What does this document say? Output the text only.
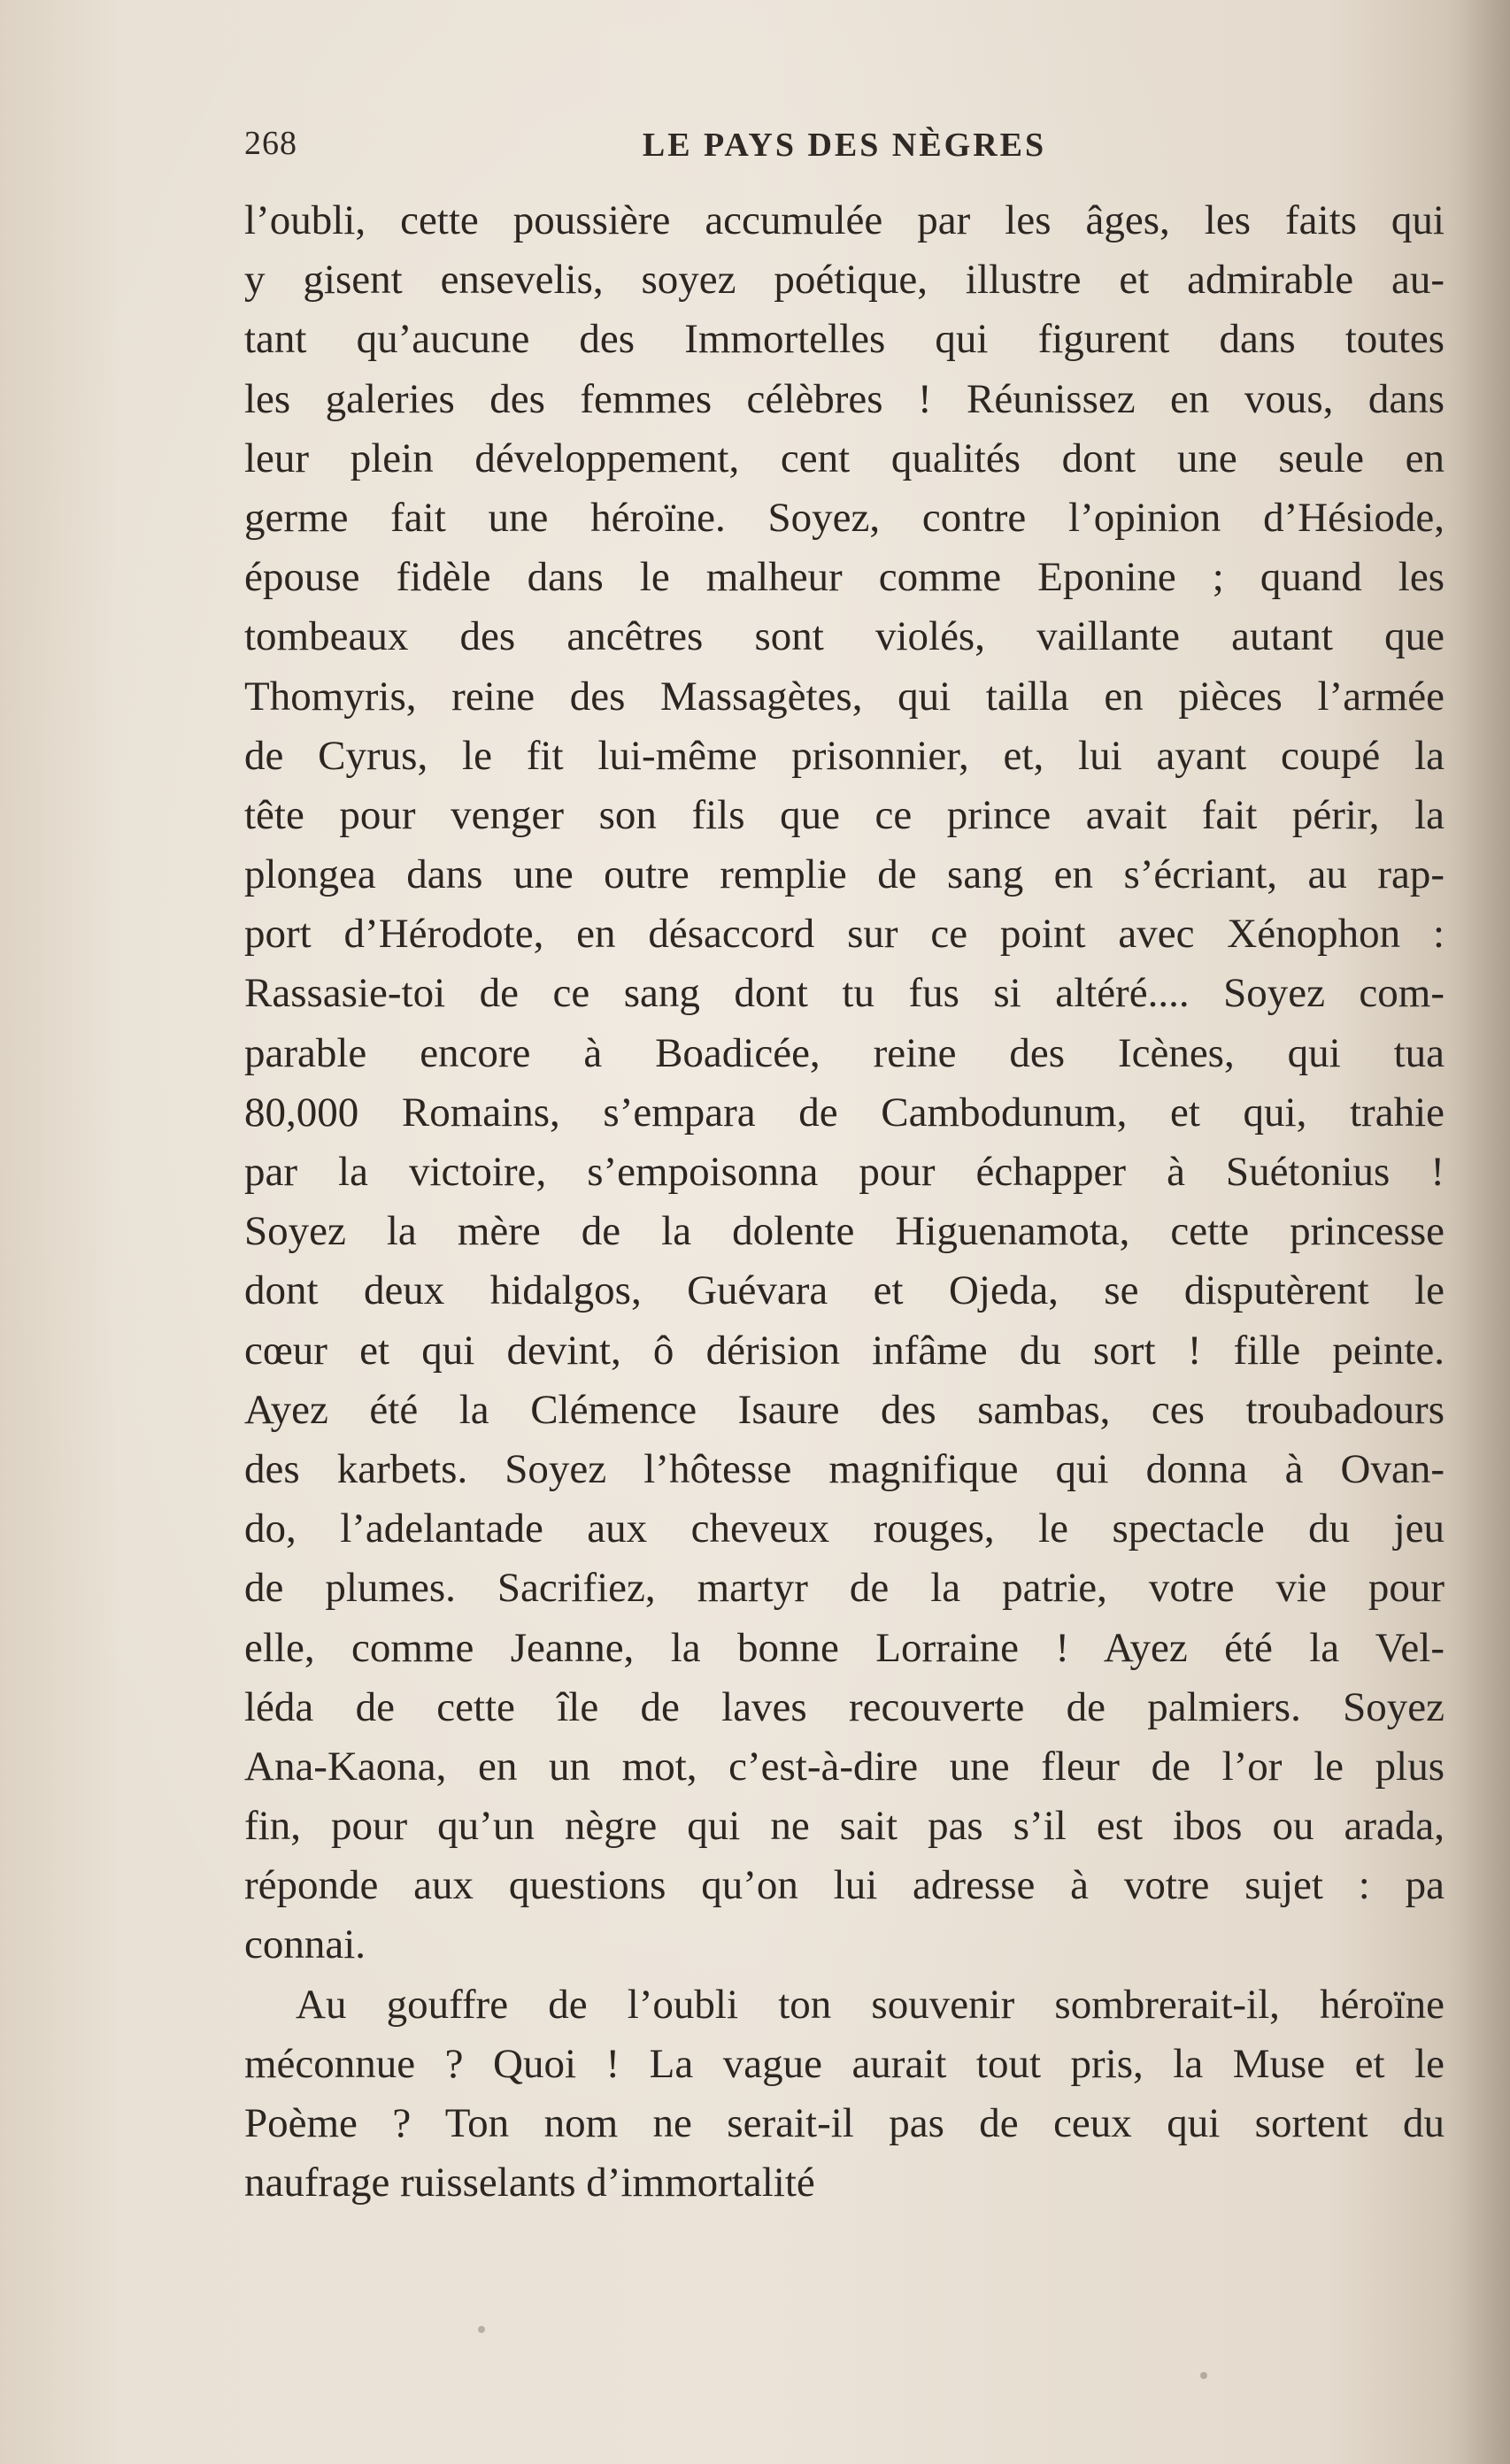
268	LE PAYS DES NÈGRES
l’oubli, cette poussière accumulée par les âges, les faits qui
y gisent ensevelis, soyez poétique, illustre et admirable au-
tant qu’aucune des Immortelles qui figurent dans toutes
les galeries des femmes célèbres ! Réunissez en vous, dans
leur plein développement, cent qualités dont une seule en
germe fait une héroïne. Soyez, contre l’opinion d’Hésiode,
épouse fidèle dans le malheur comme Eponine ; quand les
tombeaux des ancêtres sont violés, vaillante autant que
Thomyris, reine des Massagètes, qui tailla en pièces l’armée
de Cyrus, le fit lui-même prisonnier, et, lui ayant coupé la
tête pour venger son fils que ce prince avait fait périr, la
plongea dans une outre remplie de sang en s’écriant, au rap-
port d’Hérodote, en désaccord sur ce point avec Xénophon :
Rassasie-toi de ce sang dont tu fus si altéré.... Soyez com-
parable encore à Boadicée, reine des Icènes, qui tua
80,000 Romains, s’empara de Cambodunum, et qui, trahie
par la victoire, s’empoisonna pour échapper à Suétonius !
Soyez la mère de la dolente Higuenamota, cette princesse
dont deux hidalgos, Guévara et Ojeda, se disputèrent le
cœur et qui devint, ô dérision infâme du sort ! fille peinte.
Ayez été la Clémence Isaure des sambas, ces troubadours
des karbets. Soyez l’hôtesse magnifique qui donna à Ovan-
do, l’adelantade aux cheveux rouges, le spectacle du jeu
de plumes. Sacrifiez, martyr de la patrie, votre vie pour
elle, comme Jeanne, la bonne Lorraine ! Ayez été la Vel-
léda de cette île de laves recouverte de palmiers. Soyez
Ana-Kaona, en un mot, c’est-à-dire une fleur de l’or le plus
fin, pour qu’un nègre qui ne sait pas s’il est ibos ou arada,
réponde aux questions qu’on lui adresse à votre sujet : pa
connai.
Au gouffre de l’oubli ton souvenir sombrerait-il, héroïne
méconnue ? Quoi ! La vague aurait tout pris, la Muse et le
Poème ? Ton nom ne serait-il pas de ceux qui sortent du
naufrage ruisselants d’immortalité
